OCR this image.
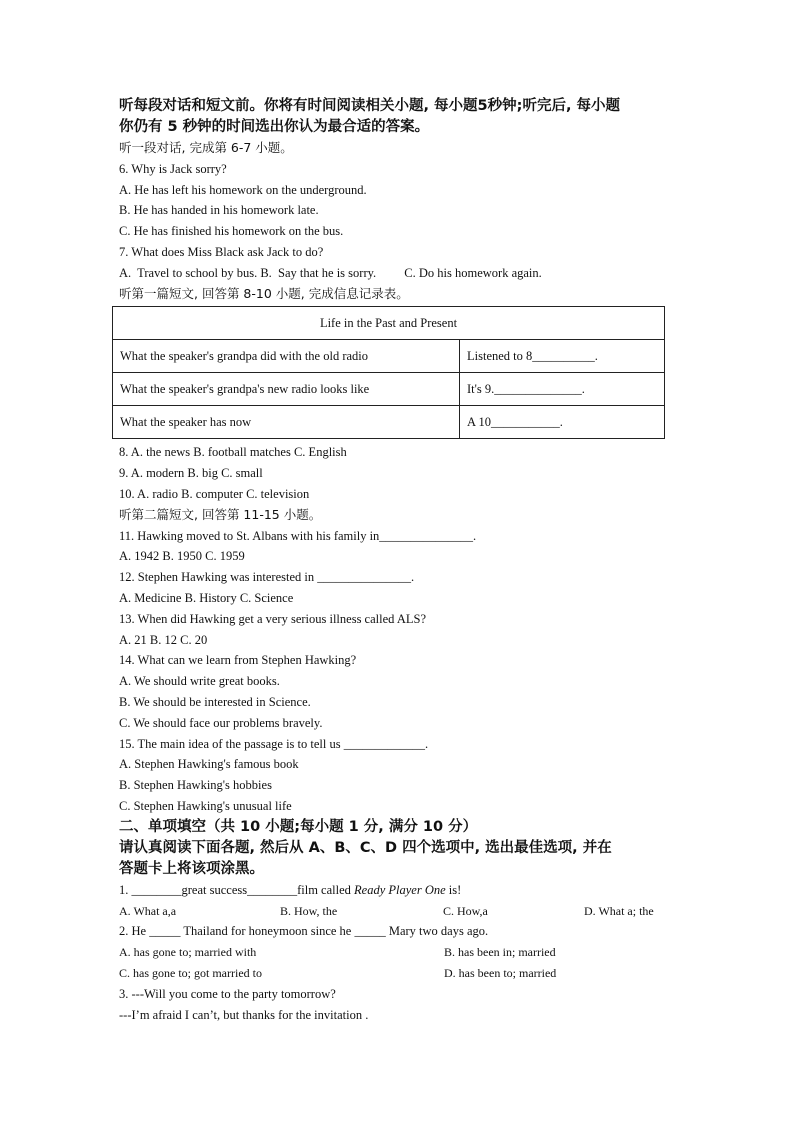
听每段对话和短文前。你将有时间阅读相关小题, 每小题5秒钟;听完后, 每小题
你仍有 5 秒钟的时间选出你认为最合适的答案。
听一段对话, 完成第 6-7 小题。
6. Why is Jack sorry?
A. He has left his homework on the underground.
B. He has handed in his homework late.
C. He has finished his homework on the bus.
7. What does Miss Black ask Jack to do?
A.  Travel to school by bus. B.  Say that he is sorry.         C. Do his homework again.
听第一篇短文, 回答第 8-10 小题, 完成信息记录表。
Life in the Past and Present	
What the speaker's grandpa did with the old radio	Listened to 8__________.
What the speaker's grandpa's new radio looks like	It's 9.______________.
What the speaker has now	A 10___________.
8. A. the news B. football matches C. English
9. A. modern B. big C. small
10. A. radio B. computer C. television
听第二篇短文, 回答第 11-15 小题。
11. Hawking moved to St. Albans with his family in_______________.
A. 1942 B. 1950 C. 1959
12. Stephen Hawking was interested in _______________.
A. Medicine B. History C. Science
13. When did Hawking get a very serious illness called ALS?
A. 21 B. 12 C. 20
14. What can we learn from Stephen Hawking?
A. We should write great books.
B. We should be interested in Science.
C. We should face our problems bravely.
15. The main idea of the passage is to tell us _____________.
A. Stephen Hawking's famous book
B. Stephen Hawking's hobbies
C. Stephen Hawking's unusual life
二、单项填空（共 10 小题;每小题 1 分, 满分 10 分）
请认真阅读下面各题, 然后从 A、B、C、D 四个选项中, 选出最佳选项, 并在
答题卡上将该项涂黑。
1. ________great success________film called Ready Player One is!
A. What a,a	B. How, the	C. How,a	D. What a; the
2. He _____ Thailand for honeymoon since he _____ Mary two days ago.
A. has gone to; married with	B. has been in; married
C. has gone to; got married to	D. has been to; married
3. ---Will you come to the party tomorrow?
---I’m afraid I can’t, but thanks for the invitation .
